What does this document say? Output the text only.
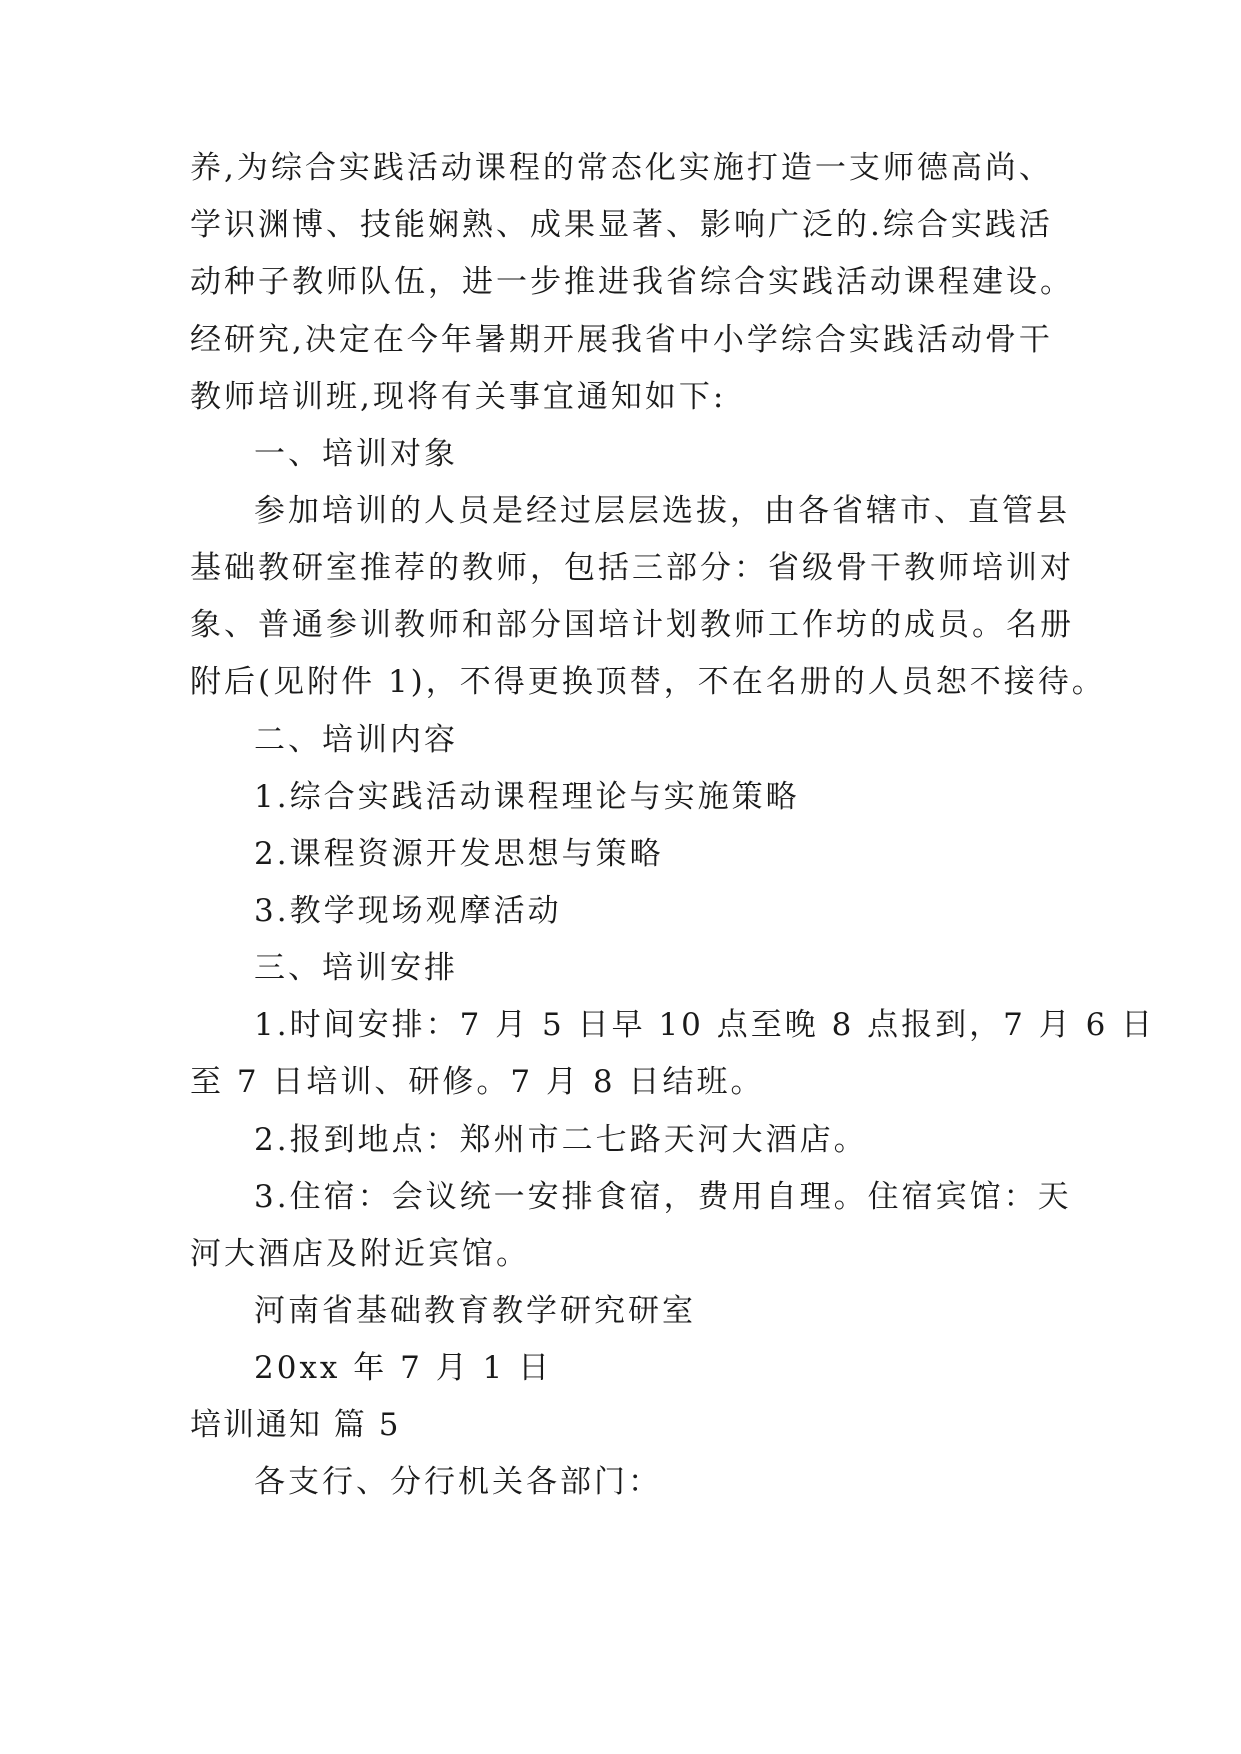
养,为综合实践活动课程的常态化实施打造一支师德高尚、
学识渊博、技能娴熟、成果显著、影响广泛的.综合实践活
动种子教师队伍，进一步推进我省综合实践活动课程建设。
经研究,决定在今年暑期开展我省中小学综合实践活动骨干
教师培训班,现将有关事宜通知如下:
一、培训对象
参加培训的人员是经过层层选拔，由各省辖市、直管县
基础教研室推荐的教师，包括三部分：省级骨干教师培训对
象、普通参训教师和部分国培计划教师工作坊的成员。名册
附后(见附件 1)，不得更换顶替，不在名册的人员恕不接待。
二、培训内容
1.综合实践活动课程理论与实施策略
2.课程资源开发思想与策略
3.教学现场观摩活动
三、培训安排
1.时间安排：7 月 5 日早 10 点至晚 8 点报到，7 月 6 日
至 7 日培训、研修。7 月 8 日结班。
2.报到地点：郑州市二七路天河大酒店。
3.住宿：会议统一安排食宿，费用自理。住宿宾馆：天
河大酒店及附近宾馆。
河南省基础教育教学研究研室
20xx 年 7 月 1 日
培训通知 篇 5
各支行、分行机关各部门：
